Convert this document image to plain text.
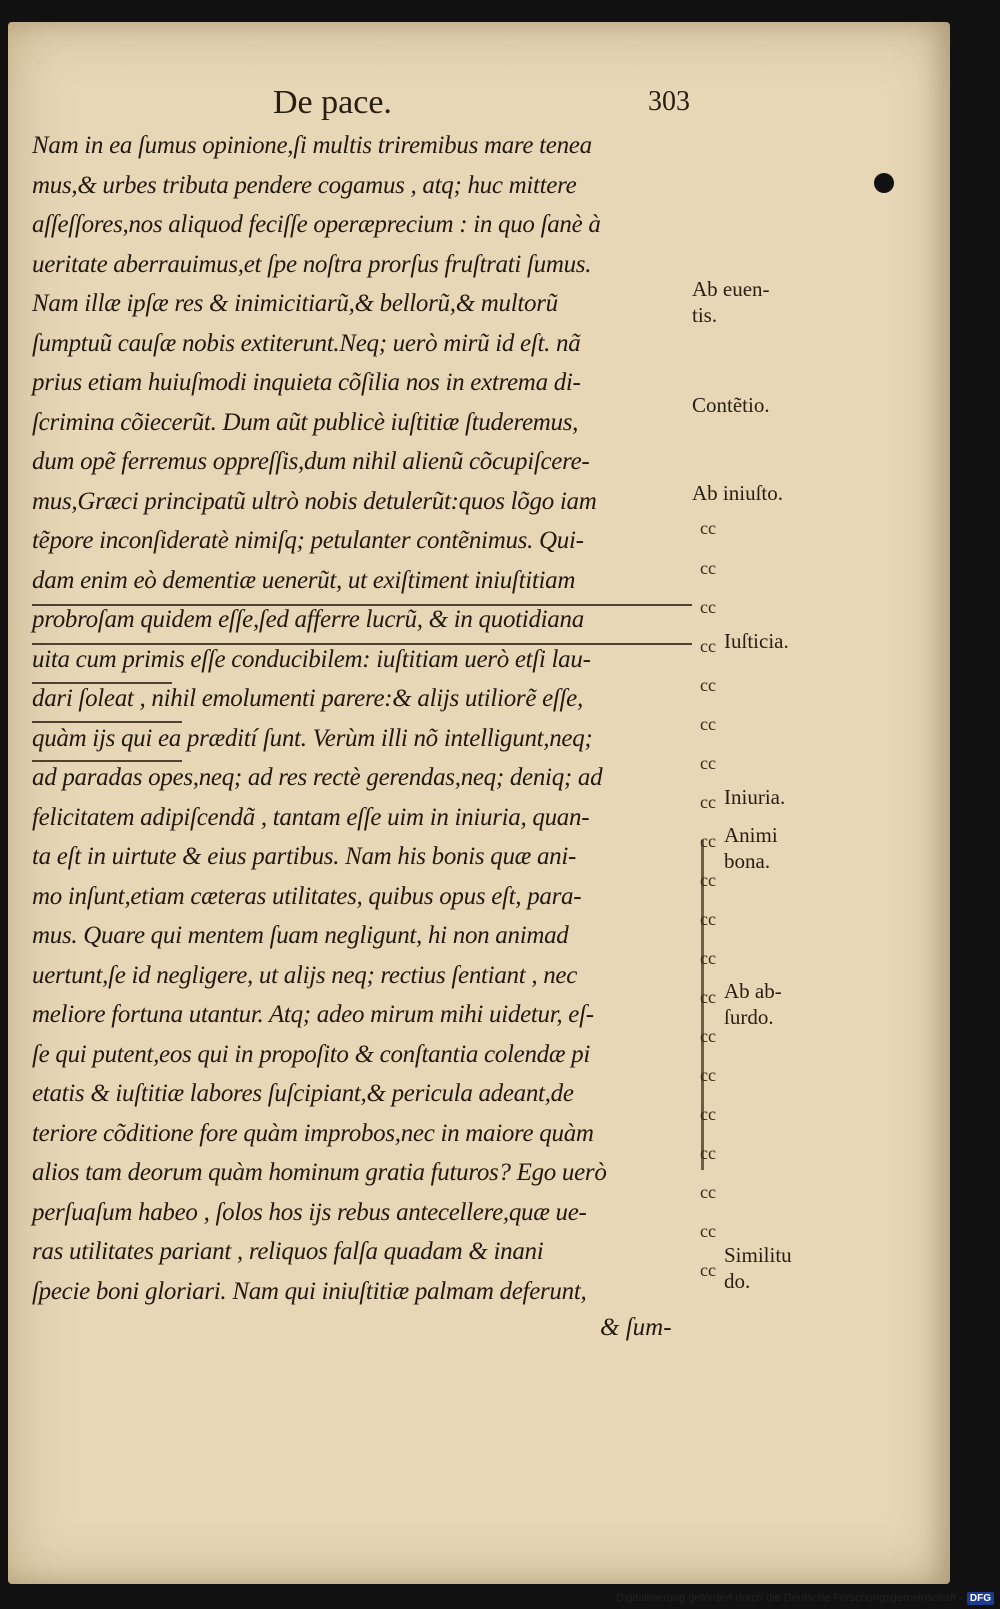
De pace.	303
Nam in ea ſumus opinione,ſi multis triremibus mare tenea
mus,& urbes tributa pendere cogamus , atq; huc mittere
aſſeſſores,nos aliquod feciſſe operæprecium : in quo ſanè à
ueritate aberrauimus,et ſpe noſtra prorſus fruſtrati ſumus.
Nam illæ ipſæ res & inimicitiarũ,& bellorũ,& multorũ
ſumptuũ cauſæ nobis extiterunt.Neq; uerò mirũ id eſt. nã
prius etiam huiuſmodi inquieta cõſilia nos in extrema di-
ſcrimina cõiecerũt. Dum aũt publicè iuſtitiæ ſtuderemus,
dum opẽ ferremus oppreſſis,dum nihil alienũ cõcupiſcere-
mus,Græci principatũ ultrò nobis detulerũt:quos lõgo iam
tẽpore inconſideratè nimiſq; petulanter contẽnimus. Qui-
dam enim eò dementiæ uenerũt, ut exiſtiment iniuſtitiam
probroſam quidem eſſe,ſed afferre lucrũ, & in quotidiana
uita cum primis eſſe conducibilem: iuſtitiam uerò etſi lau-
dari ſoleat , nihil emolumenti parere:& alijs utiliorẽ eſſe,
quàm ijs qui ea prædití ſunt. Verùm illi nõ intelligunt,neq;
ad paradas opes,neq; ad res rectè gerendas,neq; deniq; ad
felicitatem adipiſcendã , tantam eſſe uim in iniuria, quan-
ta eſt in uirtute & eius partibus. Nam his bonis quæ ani-
mo inſunt,etiam cæteras utilitates, quibus opus eſt, para-
mus. Quare qui mentem ſuam negligunt, hi non animad
uertunt,ſe id negligere, ut alijs neq; rectius ſentiant , nec
meliore fortuna utantur. Atq; adeo mirum mihi uidetur, eſ-
ſe qui putent,eos qui in propoſito & conſtantia colendæ pi
etatis & iuſtitiæ labores ſuſcipiant,& pericula adeant,de
teriore cõditione fore quàm improbos,nec in maiore quàm
alios tam deorum quàm hominum gratia futuros? Ego uerò
perſuaſum habeo , ſolos hos ijs rebus antecellere,quæ ue-
ras utilitates pariant , reliquos falſa quadam & inani
ſpecie boni gloriari. Nam qui iniuſtitiæ palmam deferunt,
& ſum-
cc
cc
cc
cc
cc
cc
cc
cc
cc
cc
cc
cc
cc
cc
cc
cc
cc
cc
cc
cc
Ab euen-
tis.
Contẽtio.
Ab iniuſto.
Iuſticia.
Iniuria.
Animi
bona.
Ab ab-
ſurdo.
Similitu
do.
Digitalisierung gefördert durch die Deutsche Forschungsgemeinschaft - DFG
